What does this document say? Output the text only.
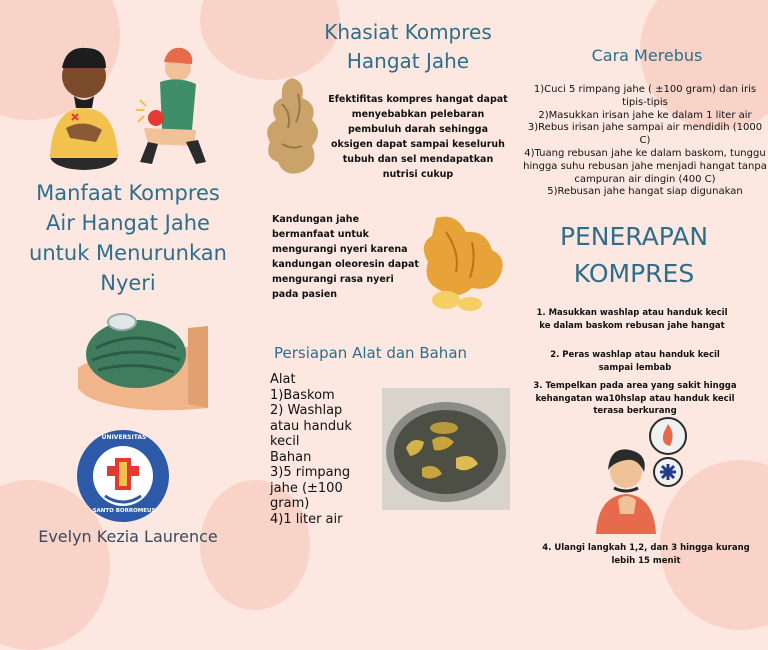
Manfaat Kompres Air Hangat Jahe untuk Menurunkan Nyeri
UNIVERSITAS
SANTO BORROMEUS
Evelyn Kezia Laurence
Khasiat Kompres Hangat Jahe
Efektifitas kompres hangat dapat menyebabkan pelebaran pembuluh darah sehingga oksigen dapat sampai keseluruh tubuh dan sel mendapatkan nutrisi cukup
Kandungan jahe bermanfaat untuk mengurangi nyeri karena kandungan oleoresin dapat mengurangi rasa nyeri pada pasien
Persiapan Alat dan Bahan
Alat
1)Baskom
2) Washlap atau handuk kecil
Bahan
3)5 rimpang jahe (±100 gram)
4)1 liter air
Cara Merebus
1)Cuci 5 rimpang jahe ( ±100 gram) dan iris tipis-tipis
2)Masukkan irisan jahe ke dalam 1 liter air
3)Rebus irisan jahe sampai air mendidih (1000 C)
4)Tuang rebusan jahe ke dalam baskom, tunggu hingga suhu rebusan jahe menjadi hangat tanpa campuran air dingin (400 C)
5)Rebusan jahe hangat siap digunakan
PENERAPAN KOMPRES
1. Masukkan washlap atau handuk kecil ke dalam baskom rebusan jahe hangat
2. Peras washlap atau handuk kecil sampai lembab
3. Tempelkan pada area yang sakit hingga kehangatan wa10hslap atau handuk kecil terasa berkurang
4. Ulangi langkah 1,2, dan 3 hingga kurang lebih 15 menit
